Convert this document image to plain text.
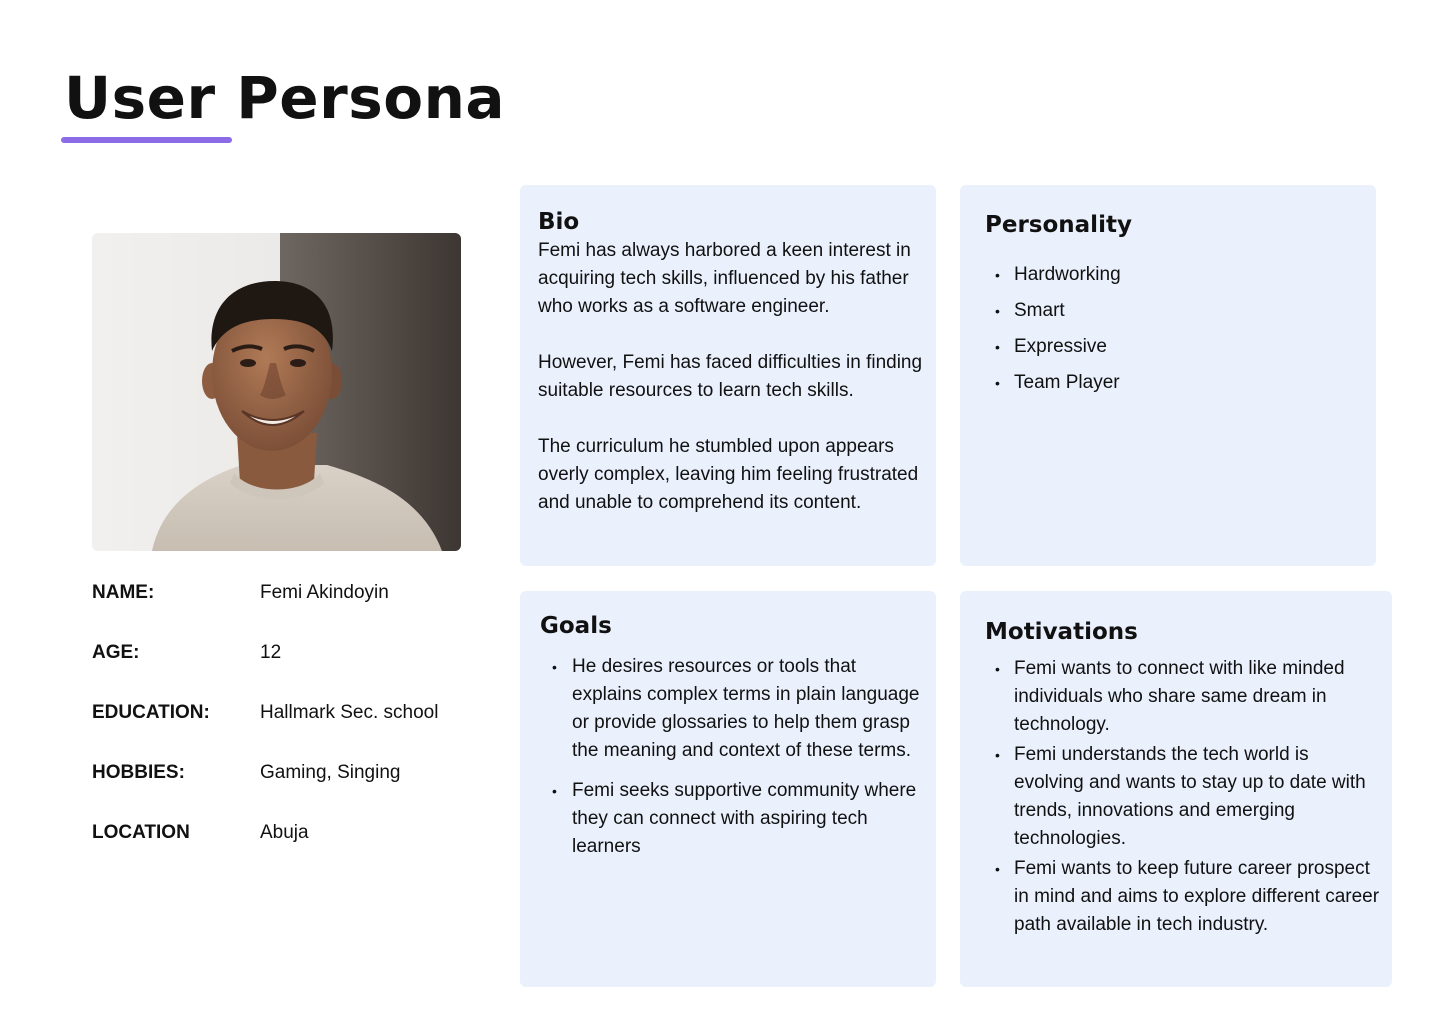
User Persona
NAME:	Femi Akindoyin
AGE:	12
EDUCATION:	Hallmark Sec. school
HOBBIES:	Gaming, Singing
LOCATION	Abuja
Bio

Femi has always harbored a keen interest in acquiring tech skills, influenced by his father who works as a software engineer.

However, Femi has faced difficulties in finding suitable resources to learn tech skills.

The curriculum he stumbled upon appears overly complex, leaving him feeling frustrated and unable to comprehend its content.

Personality
• Hardworking
• Smart
• Expressive
• Team Player
Goals
• He desires resources or tools that explains complex terms in plain language or provide glossaries to help them grasp the meaning and context of these terms.
• Femi seeks supportive community where they can connect with aspiring tech learners
Motivations
• Femi wants to connect with like minded individuals who share same dream in technology.
• Femi understands the tech world is evolving and wants to stay up to date with trends, innovations and emerging technologies.
• Femi wants to keep future career prospect in mind and aims to explore different career path available in tech industry.
